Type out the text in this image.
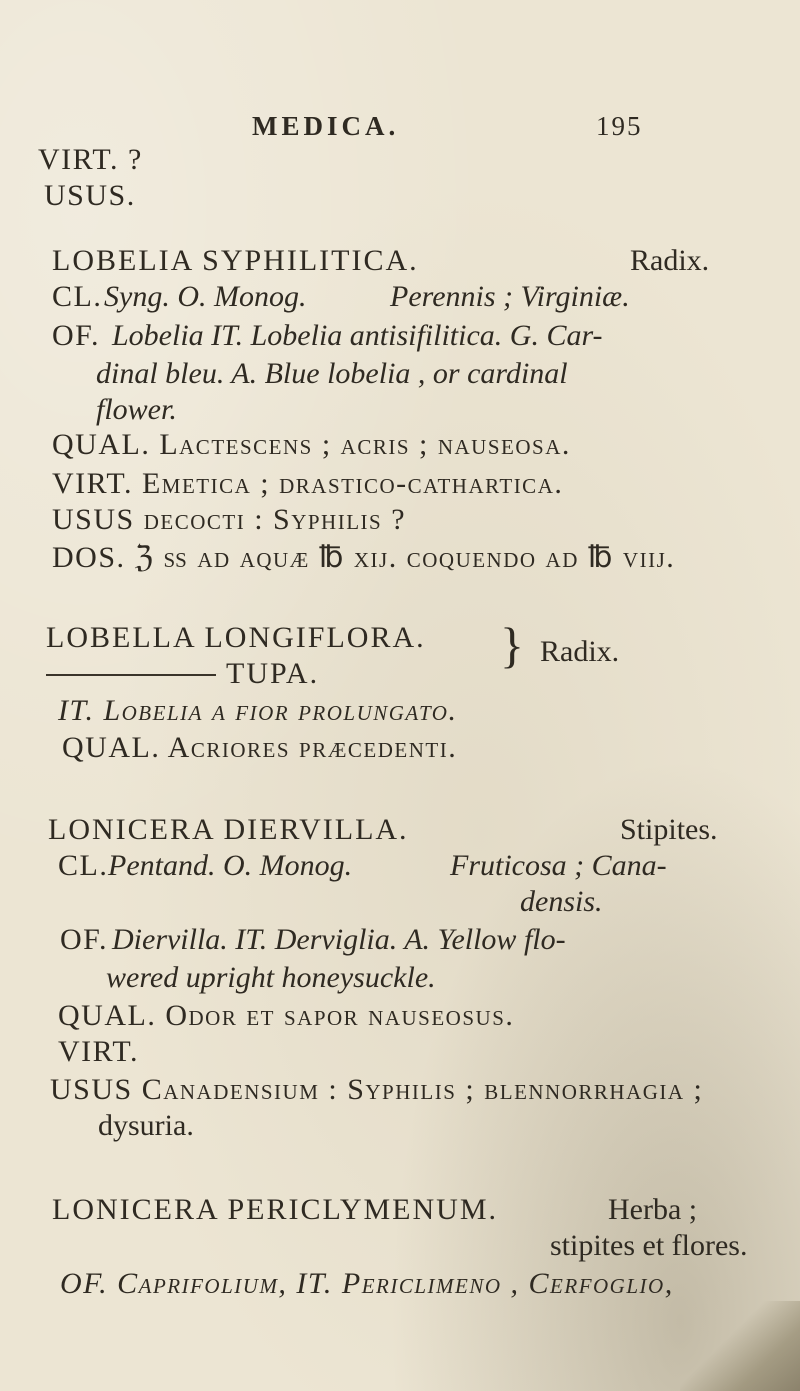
MEDICA.	195
VIRT. ?
USUS.
LOBELIA SYPHILITICA.	Radix.
CL. Syng. O. Monog.	Perennis ; Virginiæ.
OF. Lobelia IT. Lobelia antisifilitica. G. Car-
dinal bleu. A. Blue lobelia , or cardinal
flower.
QUAL. Lactescens ; acris ; nauseosa.
VIRT. Emetica ; drastico-cathartica.
USUS decocti : Syphilis ?
DOS. ℨ ß ad aquæ ℔ xij. coquendo ad ℔ viij.
LOBELLA LONGIFLORA. } Radix.
TUPA.
IT. Lobelia a fior prolungato.
QUAL. Acriores præcedenti.
LONICERA DIERVILLA.	Stipites.
CL. Pentand. O. Monog.	Fruticosa ; Cana-
densis.
OF. Diervilla. IT. Derviglia. A. Yellow flo-
wered upright honeysuckle.
QUAL. Odor et sapor nauseosus.
VIRT.
USUS Canadensium : Syphilis ; blennorrhagia ;
dysuria.
LONICERA PERICLYMENUM.	Herba ;
stipites et flores.
OF. Caprifolium, IT. Periclimeno , Cerfoglio,
